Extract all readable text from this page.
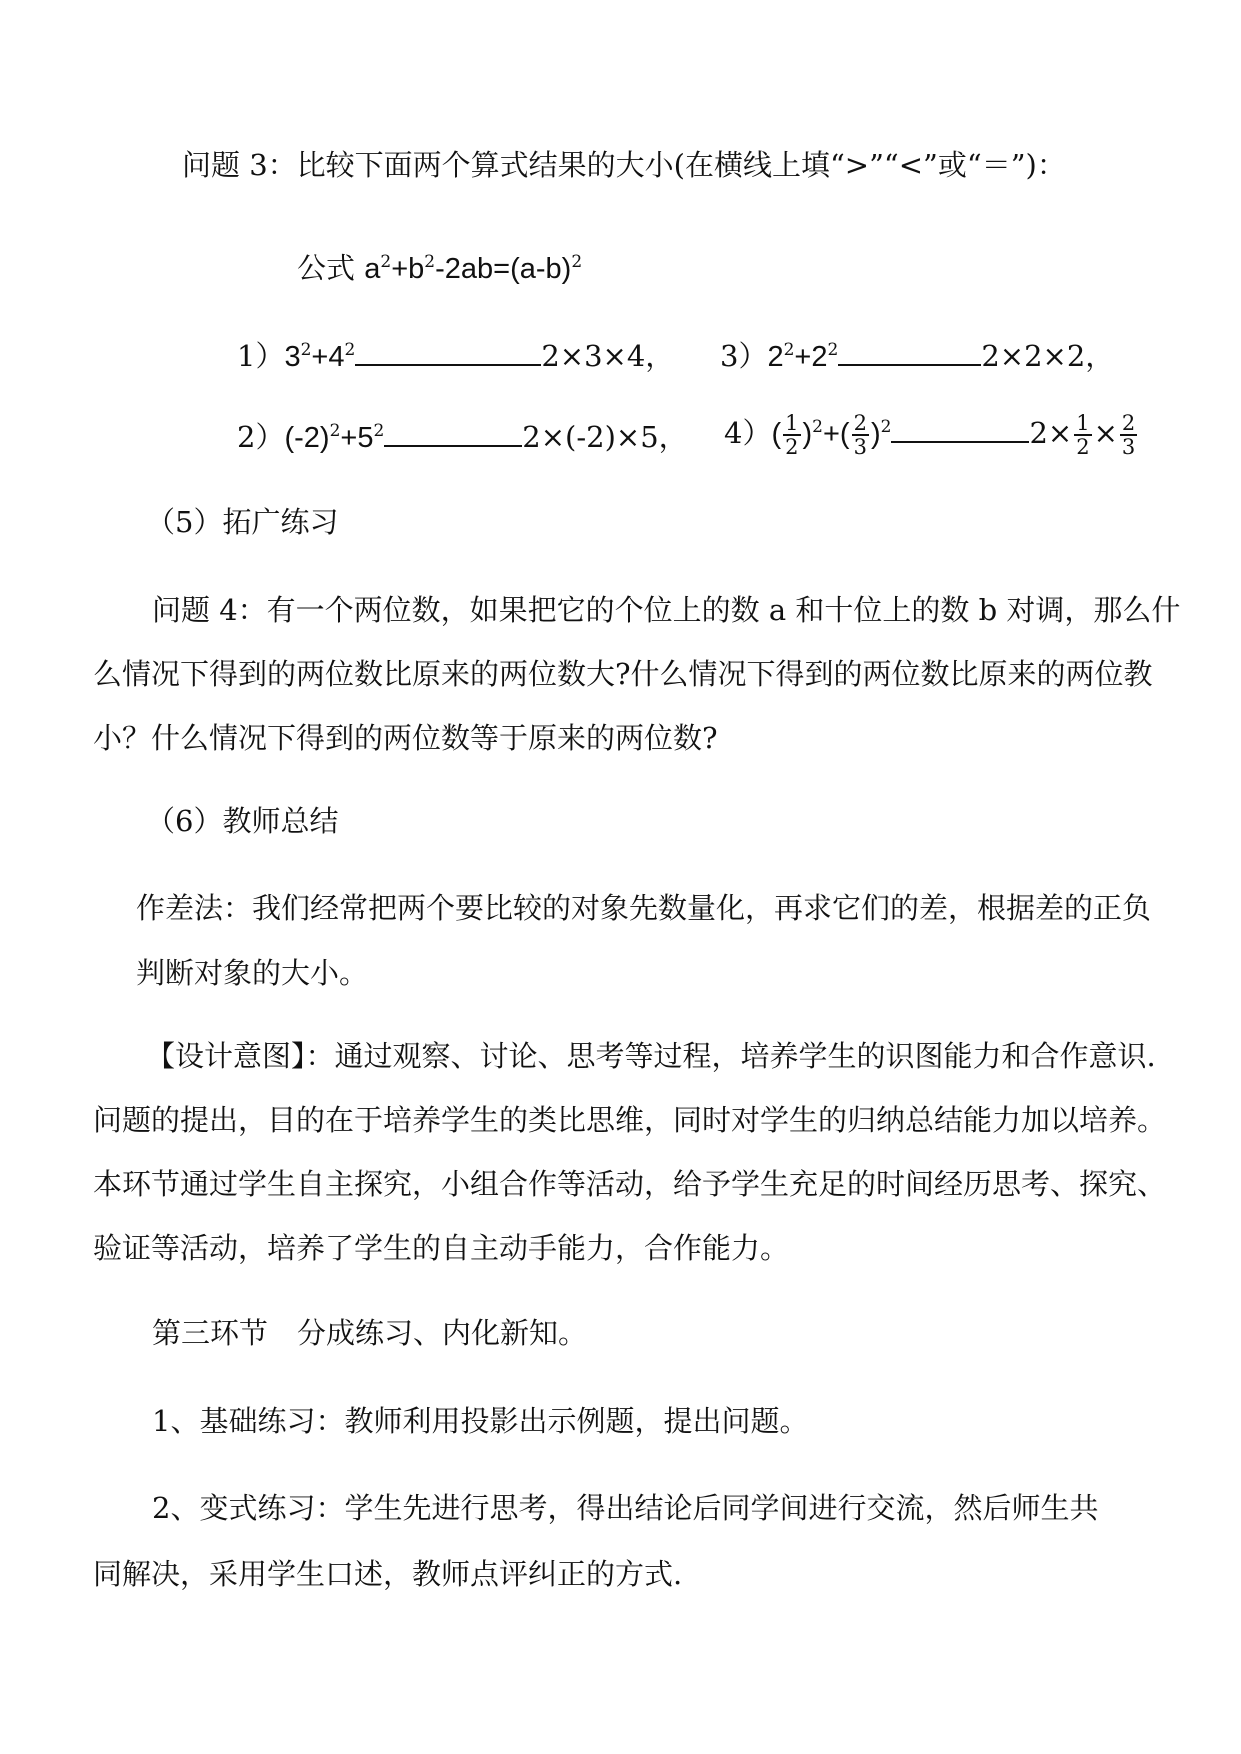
问题 3：比较下面两个算式结果的大小(在横线上填“>”“<”或“＝”)：
公式 $a^2+b^2-2ab=(a-b)^2$
$1)3^2+4^2$	2×3×4， $3)2^2+2^2$	2×2×2，
$2)(-2)^2+5^2$	2×(-2)×5， $4)( \frac{1}{2} )^2+( \frac{2}{3} )^2$	$2\times \frac{1}{2} \times \frac{2}{3}$
（5）拓广练习
问题 4：有一个两位数，如果把它的个位上的数 a 和十位上的数 b 对调，那么什
么情况下得到的两位数比原来的两位数大?什么情况下得到的两位数比原来的两位教
小？什么情况下得到的两位数等于原来的两位数?
（6）教师总结
作差法：我们经常把两个要比较的对象先数量化，再求它们的差，根据差的正负
判断对象的大小。
【设计意图】：通过观察、讨论、思考等过程，培养学生的识图能力和合作意识.
问题的提出，目的在于培养学生的类比思维，同时对学生的归纳总结能力加以培养。
本环节通过学生自主探究，小组合作等活动，给予学生充足的时间经历思考、探究、
验证等活动，培养了学生的自主动手能力，合作能力。
第三环节　分成练习、内化新知。
1、基础练习：教师利用投影出示例题，提出问题。
2、变式练习：学生先进行思考，得出结论后同学间进行交流，然后师生共
同解决，采用学生口述，教师点评纠正的方式.
